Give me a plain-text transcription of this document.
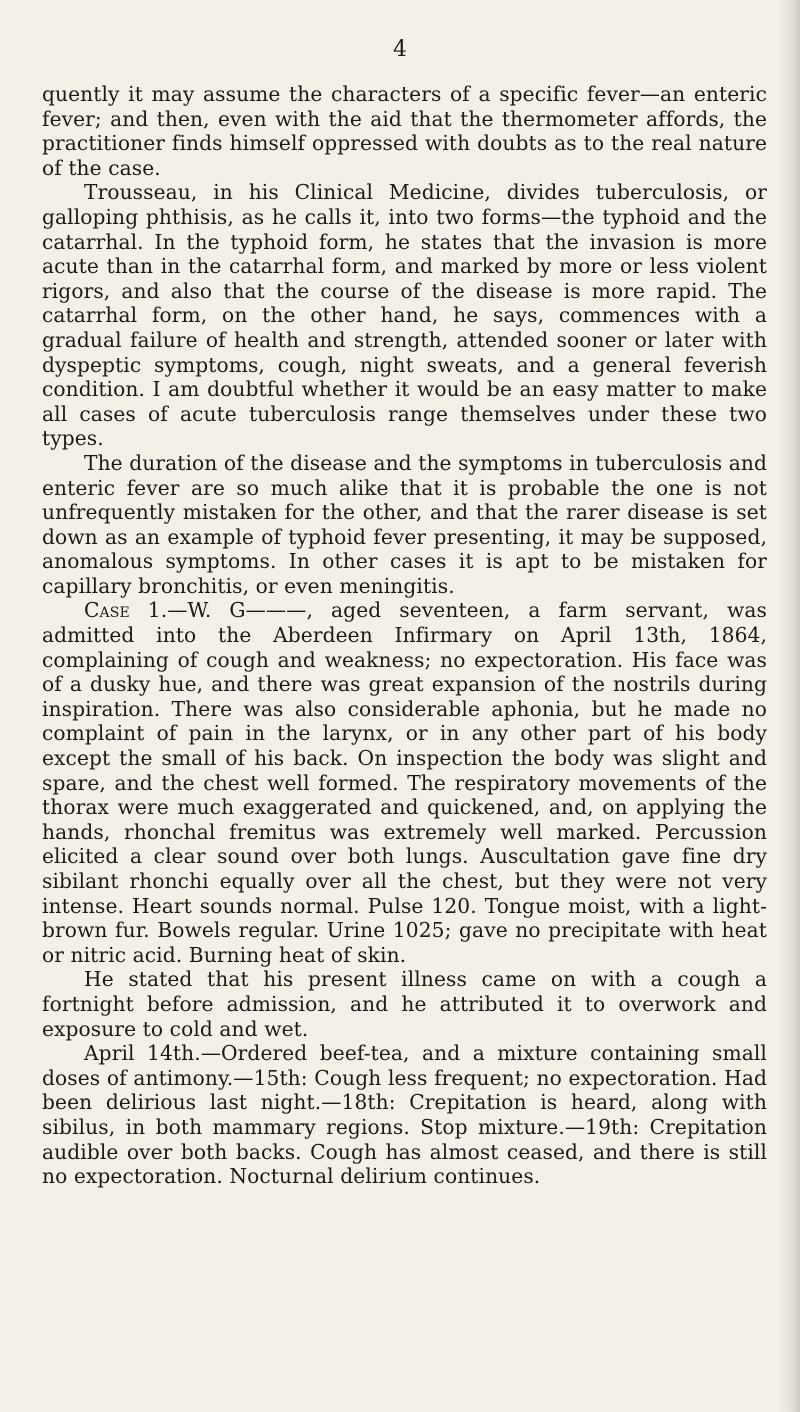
4

quently it may assume the characters of a specific fever—an enteric fever; and then, even with the aid that the thermometer affords, the practitioner finds himself oppressed with doubts as to the real nature of the case.

Trousseau, in his Clinical Medicine, divides tuberculosis, or galloping phthisis, as he calls it, into two forms—the typhoid and the catarrhal. In the typhoid form, he states that the invasion is more acute than in the catarrhal form, and marked by more or less violent rigors, and also that the course of the disease is more rapid. The catarrhal form, on the other hand, he says, commences with a gradual failure of health and strength, attended sooner or later with dyspeptic symptoms, cough, night sweats, and a general feverish condition. I am doubtful whether it would be an easy matter to make all cases of acute tuberculosis range themselves under these two types.

The duration of the disease and the symptoms in tuberculosis and enteric fever are so much alike that it is probable the one is not unfrequently mistaken for the other, and that the rarer disease is set down as an example of typhoid fever presenting, it may be supposed, anomalous symptoms. In other cases it is apt to be mistaken for capillary bronchitis, or even meningitis.

Case 1.—W. G———, aged seventeen, a farm servant, was admitted into the Aberdeen Infirmary on April 13th, 1864, complaining of cough and weakness; no expectoration. His face was of a dusky hue, and there was great expansion of the nostrils during inspiration. There was also considerable aphonia, but he made no complaint of pain in the larynx, or in any other part of his body except the small of his back. On inspection the body was slight and spare, and the chest well formed. The respiratory movements of the thorax were much exaggerated and quickened, and, on applying the hands, rhonchal fremitus was extremely well marked. Percussion elicited a clear sound over both lungs. Auscultation gave fine dry sibilant rhonchi equally over all the chest, but they were not very intense. Heart sounds normal. Pulse 120. Tongue moist, with a light-brown fur. Bowels regular. Urine 1025; gave no precipitate with heat or nitric acid. Burning heat of skin.

He stated that his present illness came on with a cough a fortnight before admission, and he attributed it to overwork and exposure to cold and wet.

April 14th.—Ordered beef-tea, and a mixture containing small doses of antimony.—15th: Cough less frequent; no expectoration. Had been delirious last night.—18th: Crepitation is heard, along with sibilus, in both mammary regions. Stop mixture.—19th: Crepitation audible over both backs. Cough has almost ceased, and there is still no expectoration. Nocturnal delirium continues.
